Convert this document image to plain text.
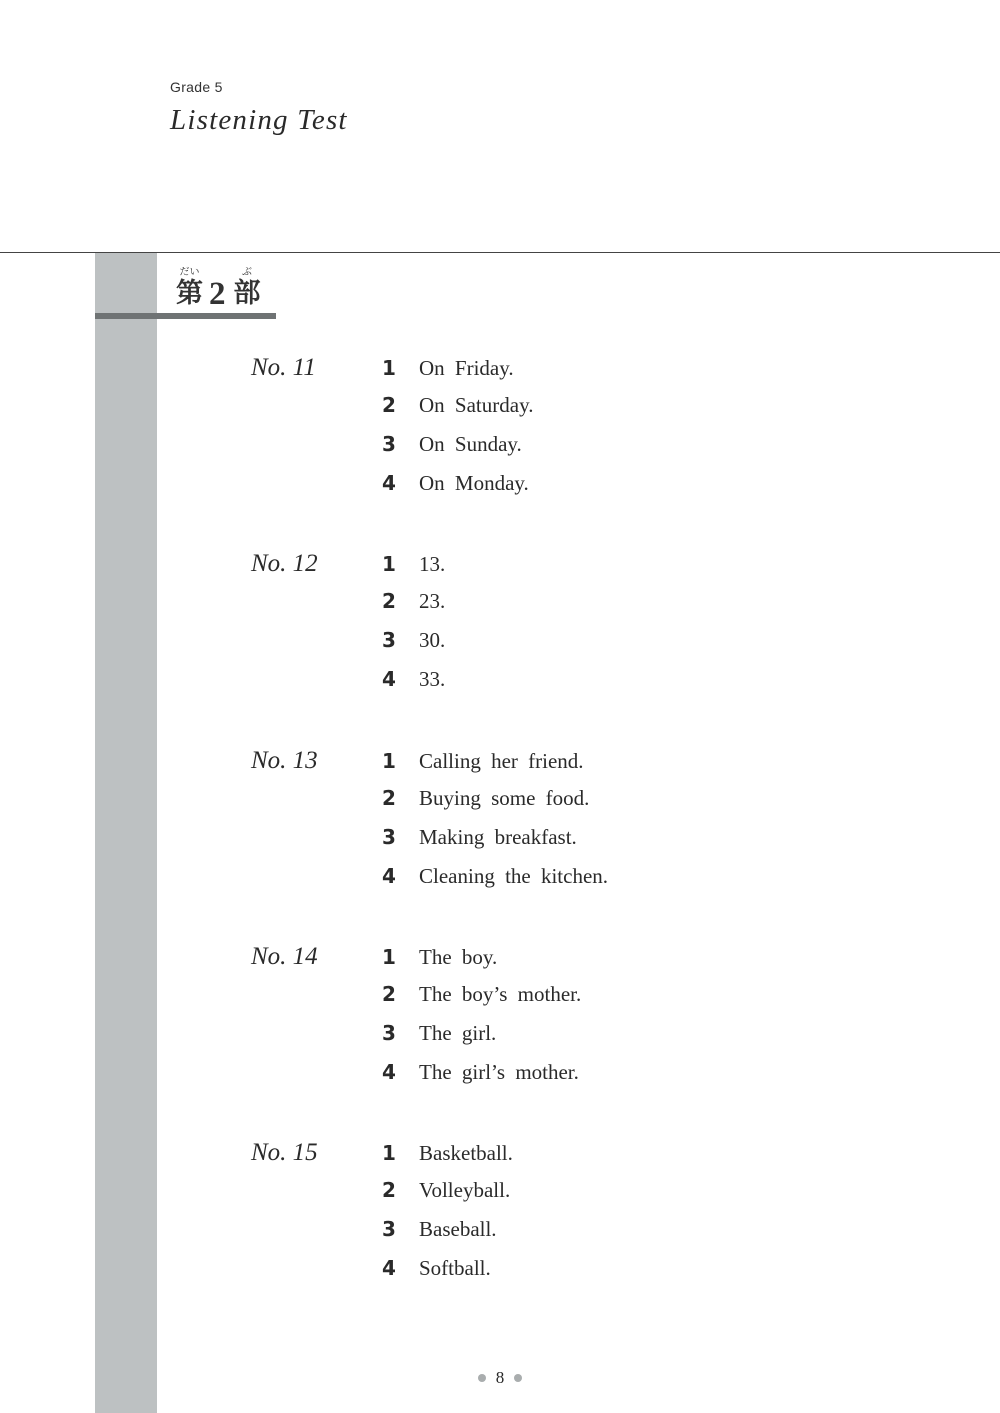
Grade 5
Listening Test
だい
第 2
ぶ
部
No. 11	1 On Friday.
2 On Saturday.
3 On Sunday.
4 On Monday.
No. 12	1 13.
2 23.
3 30.
4 33.
No. 13	1 Calling her friend.
2 Buying some food.
3 Making breakfast.
4 Cleaning the kitchen.
No. 14	1 The boy.
2 The boy’s mother.
3 The girl.
4 The girl’s mother.
No. 15	1 Basketball.
2 Volleyball.
3 Baseball.
4 Softball.
8
